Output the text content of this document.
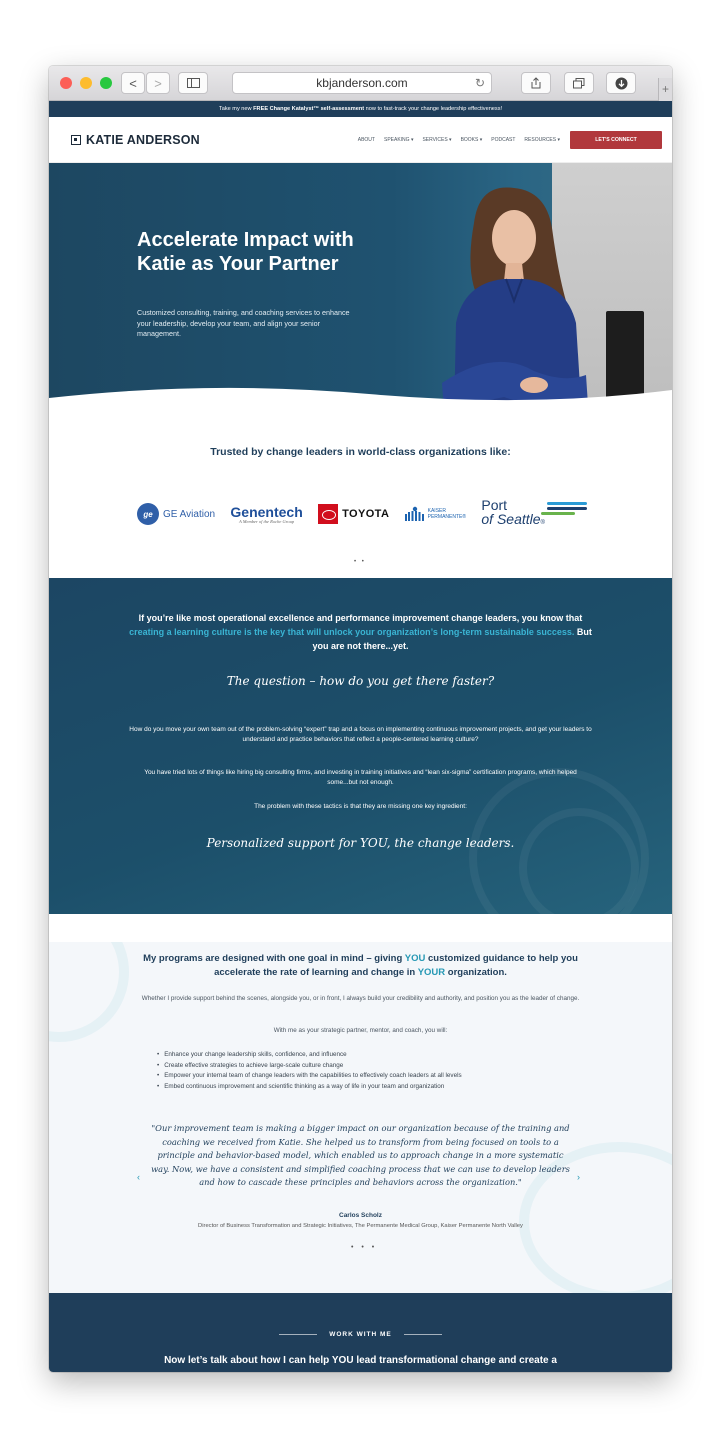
<	>	kbjanderson.com	↻	+
Take my new FREE Change Katalyst™ self-assessment now to fast-track your change leadership effectiveness!
KATIE ANDERSON	ABOUT SPEAKING ▾ SERVICES ▾ BOOKS ▾ PODCAST RESOURCES ▾	LET'S CONNECT
Accelerate Impact with Katie as Your Partner

Customized consulting, training, and coaching services to enhance your leadership, develop your team, and align your senior management.

Trusted by change leaders in world-class organizations like:
ge	GE Aviation Genentech
A Member of the Roche Group
TOYOTA	KAISER
PERMANENTE®
Port
of Seattle®
• •
If you’re like most operational excellence and performance improvement change leaders, you know that creating a learning culture is the key that will unlock your organization’s long-term sustainable success. But you are not there...yet.
The question – how do you get there faster?
How do you move your own team out of the problem-solving “expert” trap and a focus on implementing continuous improvement projects, and get your leaders to understand and practice behaviors that reflect a people-centered learning culture?
You have tried lots of things like hiring big consulting firms, and investing in training initiatives and “lean six-sigma” certification programs, which helped some...but not enough.
The problem with these tactics is that they are missing one key ingredient:
Personalized support for YOU, the change leaders.
My programs are designed with one goal in mind – giving YOU customized guidance to help you accelerate the rate of learning and change in YOUR organization.
Whether I provide support behind the scenes, alongside you, or in front, I always build your credibility and authority, and position you as the leader of change.
With me as your strategic partner, mentor, and coach, you will:
• Enhance your change leadership skills, confidence, and influence
• Create effective strategies to achieve large-scale culture change
• Empower your internal team of change leaders with the capabilities to effectively coach leaders at all levels
• Embed continuous improvement and scientific thinking as a way of life in your team and organization
‹
"Our improvement team is making a bigger impact on our organization because of the training and coaching we received from Katie. She helped us to transform from being focused on tools to a principle and behavior-based model, which enabled us to approach change in a more systematic way. Now, we have a consistent and simplified coaching process that we can use to develop leaders and how to cascade these principles and behaviors across the organization."	›
Carlos Scholz
Director of Business Transformation and Strategic Initiatives, The Permanente Medical Group, Kaiser Permanente North Valley
• • •
WORK WITH ME
Now let’s talk about how I can help YOU lead transformational change and create a
